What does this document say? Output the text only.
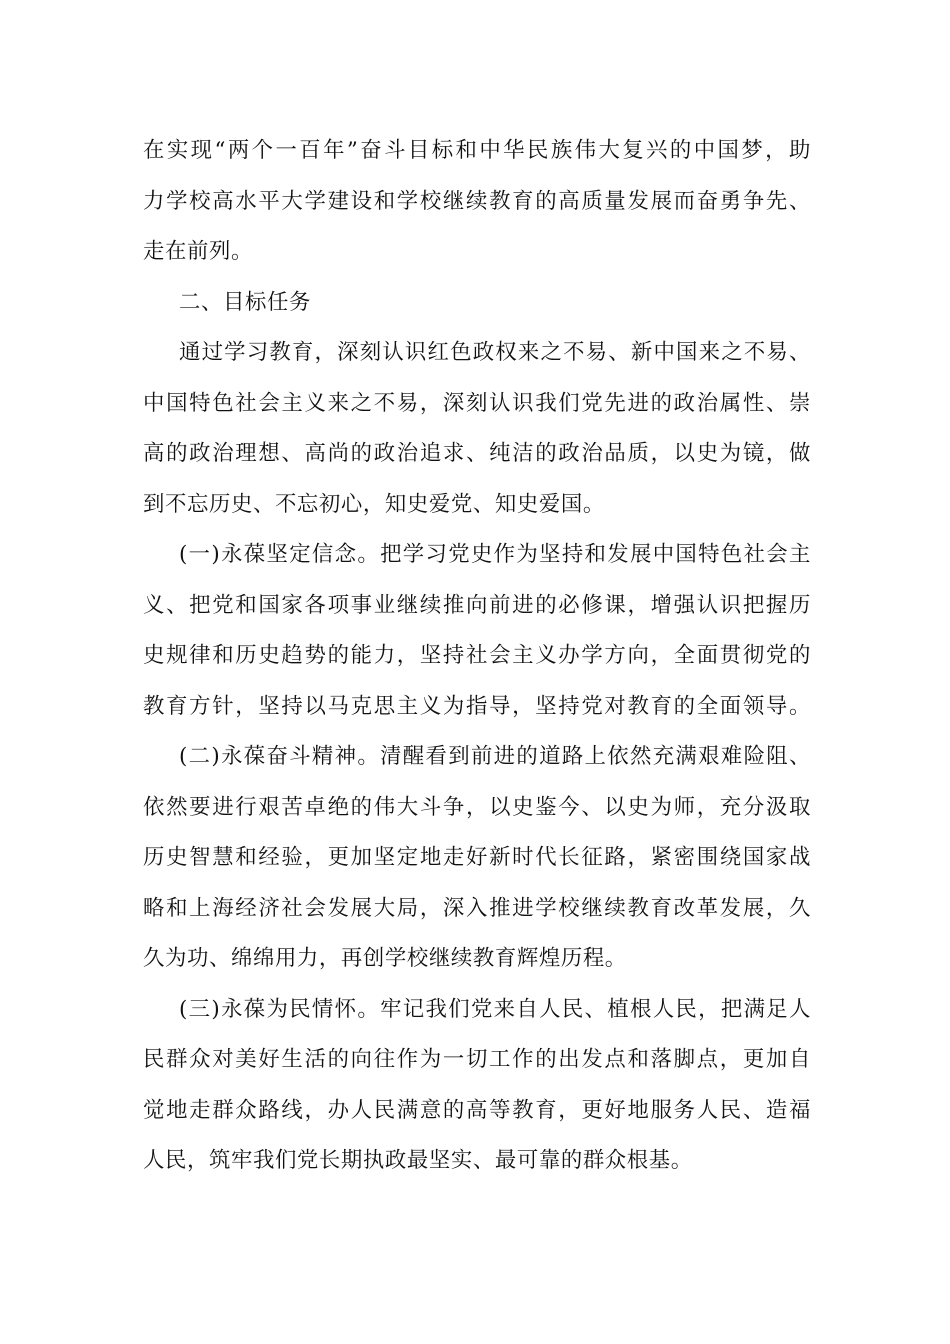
在实现“两个一百年”奋斗目标和中华民族伟大复兴的中国梦，助
力学校高水平大学建设和学校继续教育的高质量发展而奋勇争先、
走在前列。
二、目标任务
通过学习教育，深刻认识红色政权来之不易、新中国来之不易、
中国特色社会主义来之不易，深刻认识我们党先进的政治属性、崇
高的政治理想、高尚的政治追求、纯洁的政治品质，以史为镜，做
到不忘历史、不忘初心，知史爱党、知史爱国。
(一)永葆坚定信念。把学习党史作为坚持和发展中国特色社会主
义、把党和国家各项事业继续推向前进的必修课，增强认识把握历
史规律和历史趋势的能力，坚持社会主义办学方向，全面贯彻党的
教育方针，坚持以马克思主义为指导，坚持党对教育的全面领导。
(二)永葆奋斗精神。清醒看到前进的道路上依然充满艰难险阻、
依然要进行艰苦卓绝的伟大斗争，以史鉴今、以史为师，充分汲取
历史智慧和经验，更加坚定地走好新时代长征路，紧密围绕国家战
略和上海经济社会发展大局，深入推进学校继续教育改革发展，久
久为功、绵绵用力，再创学校继续教育辉煌历程。
(三)永葆为民情怀。牢记我们党来自人民、植根人民，把满足人
民群众对美好生活的向往作为一切工作的出发点和落脚点，更加自
觉地走群众路线，办人民满意的高等教育，更好地服务人民、造福
人民，筑牢我们党长期执政最坚实、最可靠的群众根基。
